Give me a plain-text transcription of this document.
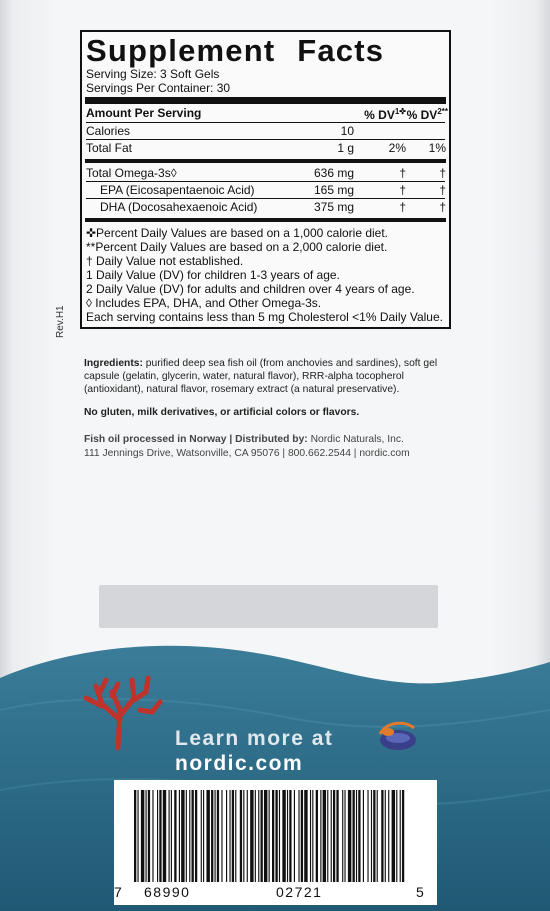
Supplement Facts
Serving Size: 3 Soft Gels
Servings Per Container: 30
Amount Per Serving	% $DV^{1✜}$ % $DV^{2**}$
Calories	10
Total Fat	1 g	2%	1%
Total Omega-3s◊	636 mg	†	†
EPA (Eicosapentaenoic Acid)	165 mg	†	†
DHA (Docosahexaenoic Acid)	375 mg	†	†
✜Percent Daily Values are based on a 1,000 calorie diet.
**Percent Daily Values are based on a 2,000 calorie diet.
† Daily Value not established.
1 Daily Value (DV) for children 1-3 years of age.
2 Daily Value (DV) for adults and children over 4 years of age.
◊ Includes EPA, DHA, and Other Omega-3s.
Each serving contains less than 5 mg Cholesterol <1% Daily Value.
Rev.H1
Ingredients: purified deep sea fish oil (from anchovies and sardines), soft gel capsule (gelatin, glycerin, water, natural flavor), RRR-alpha tocopherol (antioxidant), natural flavor, rosemary extract (a natural preservative).
No gluten, milk derivatives, or artificial colors or flavors.
Fish oil processed in Norway | Distributed by: Nordic Naturals, Inc.
111 Jennings Drive, Watsonville, CA 95076 | 800.662.2544 | nordic.com
Learn more at
nordic.com
7 68990	02721	5
